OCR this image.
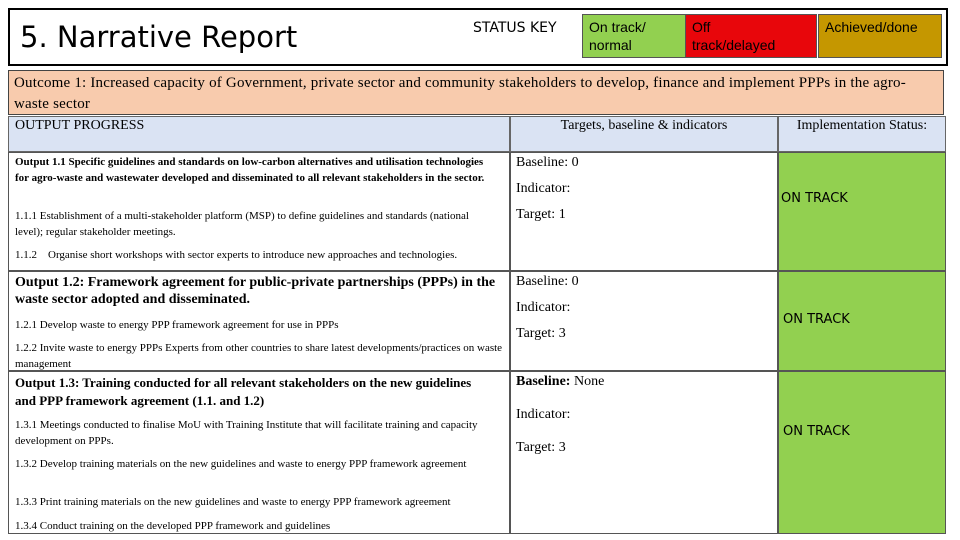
5. Narrative Report	STATUS KEY	On track/
normal
Off
track/delayed
Achieved/done
Outcome 1: Increased capacity of Government, private sector and community stakeholders to develop, finance and implement PPPs in the agro-waste sector
OUTPUT PROGRESS	Targets, baseline & indicators	Implementation Status:
Output 1.1 Specific guidelines and standards on low-carbon alternatives and utilisation technologies for agro-waste and wastewater developed and disseminated to all relevant stakeholders in the sector.
1.1.1 Establishment of a multi-stakeholder platform (MSP) to define guidelines and standards (national level); regular stakeholder meetings.
1.1.2    Organise short workshops with sector experts to introduce new approaches and technologies.
Baseline: 0
Indicator:
Target: 1
ON TRACK
Output 1.2: Framework agreement for public-private partnerships (PPPs) in the waste sector adopted and disseminated.
1.2.1 Develop waste to energy PPP framework agreement for use in PPPs
1.2.2 Invite waste to energy PPPs Experts from other countries to share latest developments/practices on waste management
Baseline: 0
Indicator:
Target: 3
ON TRACK
Output 1.3: Training conducted for all relevant stakeholders on the new guidelines and PPP framework agreement (1.1. and 1.2)
1.3.1 Meetings conducted to finalise MoU with Training Institute that will facilitate training and capacity development on PPPs.
1.3.2 Develop training materials on the new guidelines and waste to energy PPP framework agreement
1.3.3 Print training materials on the new guidelines and waste to energy PPP framework agreement
1.3.4 Conduct training on the developed PPP framework and guidelines
Baseline: None
Indicator:
Target: 3
ON TRACK
